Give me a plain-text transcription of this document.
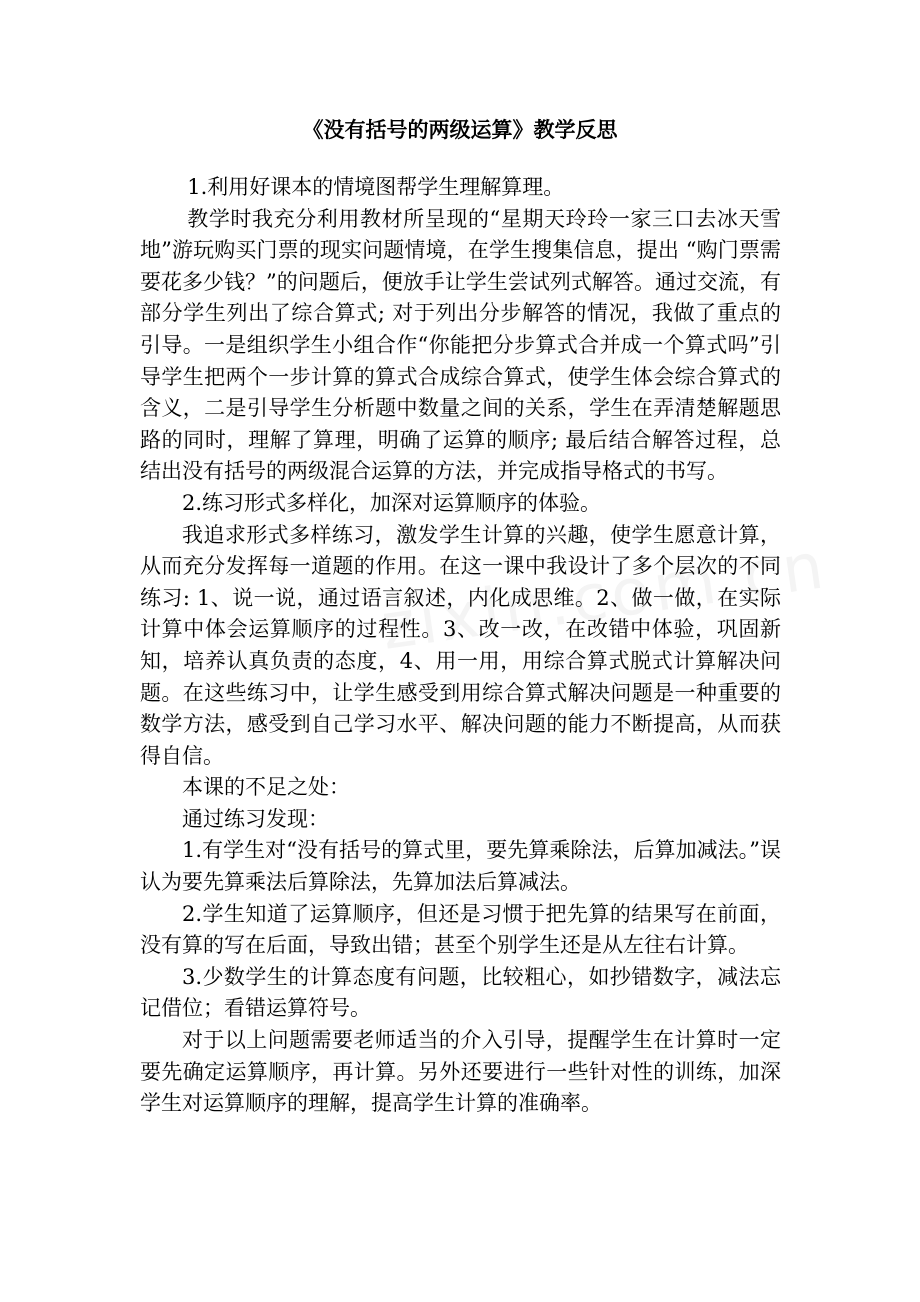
《没有括号的两级运算》教学反思

1.利用好课本的情境图帮学生理解算理。

教学时我充分利用教材所呈现的“星期天玲玲一家三口去冰天雪地”游玩购买门票的现实问题情境，在学生搜集信息，提出 “购门票需要花多少钱？”的问题后，便放手让学生尝试列式解答。通过交流，有部分学生列出了综合算式; 对于列出分步解答的情况，我做了重点的引导。一是组织学生小组合作“你能把分步算式合并成一个算式吗”引导学生把两个一步计算的算式合成综合算式，使学生体会综合算式的含义，二是引导学生分析题中数量之间的关系，学生在弄清楚解题思路的同时，理解了算理，明确了运算的顺序; 最后结合解答过程，总结出没有括号的两级混合运算的方法，并完成指导格式的书写。

2.练习形式多样化，加深对运算顺序的体验。

我追求形式多样练习，激发学生计算的兴趣，使学生愿意计算，从而充分发挥每一道题的作用。在这一课中我设计了多个层次的不同练习: 1、说一说，通过语言叙述，内化成思维。2、做一做，在实际计算中体会运算顺序的过程性。3、改一改，在改错中体验，巩固新知，培养认真负责的态度，4、用一用，用综合算式脱式计算解决问题。在这些练习中，让学生感受到用综合算式解决问题是一种重要的数学方法，感受到自己学习水平、解决问题的能力不断提高，从而获得自信。

本课的不足之处：

通过练习发现：

1.有学生对“没有括号的算式里，要先算乘除法，后算加减法。”误认为要先算乘法后算除法，先算加法后算减法。

2.学生知道了运算顺序，但还是习惯于把先算的结果写在前面，没有算的写在后面，导致出错；甚至个别学生还是从左往右计算。

3.少数学生的计算态度有问题，比较粗心，如抄错数字，减法忘记借位；看错运算符号。

对于以上问题需要老师适当的介入引导，提醒学生在计算时一定要先确定运算顺序，再计算。另外还要进行一些针对性的训练，加深学生对运算顺序的理解，提高学生计算的准确率。
